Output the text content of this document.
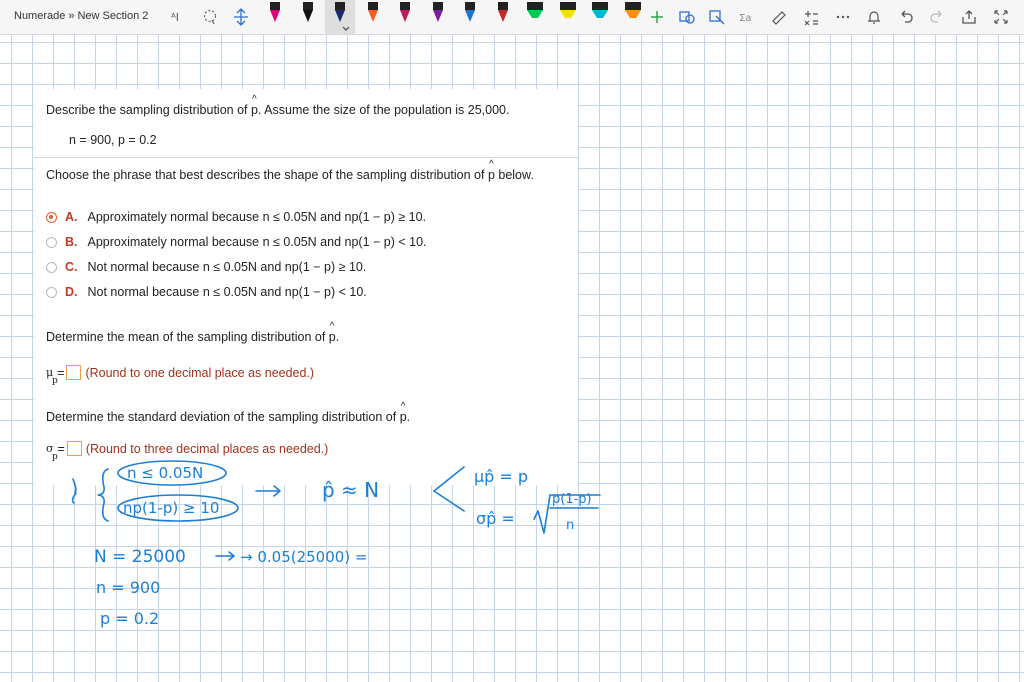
Numerade » New Section 2 ᴬI	Σa
Describe the sampling distribution of ^ p. Assume the size of the population is 25,000.
n = 900, p = 0.2
Choose the phrase that best describes the shape of the sampling distribution of ^ p below.
A. Approximately normal because n ≤ 0.05N and np(1 − p) ≥ 10.
B. Approximately normal because n ≤ 0.05N and np(1 − p) < 10.
C. Not normal because n ≤ 0.05N and np(1 − p) ≥ 10.
D. Not normal because n ≤ 0.05N and np(1 − p) < 10.
Determine the mean of the sampling distribution of ^ p.
μ
p
= (Round to one decimal place as needed.)
Determine the standard deviation of the sampling distribution of ^ p.
σ
p
= (Round to three decimal places as needed.)
n ≤ 0.05N
np(1-p) ≥ 10
p̂ ≈ N
μp̂ = p
σp̂ =
p(1-p)
n
N = 25000	→ 0.05(25000) =
n = 900
p = 0.2
